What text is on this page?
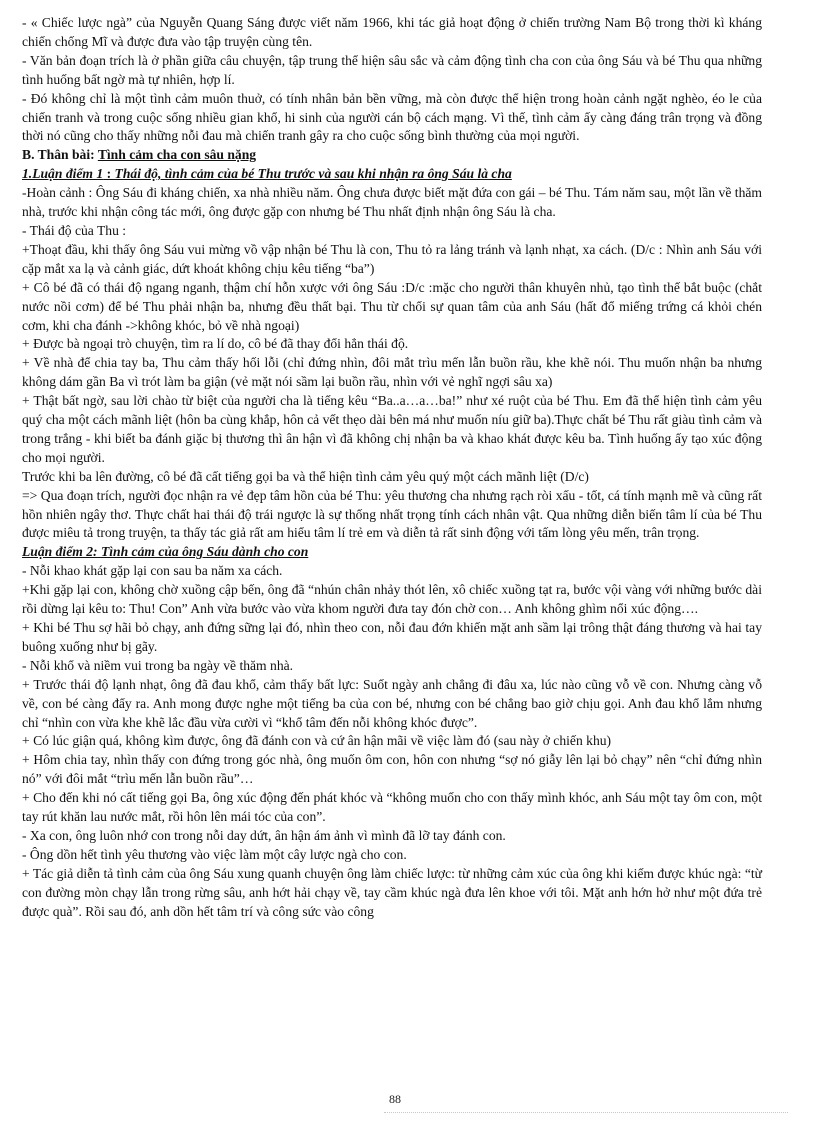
- « Chiếc lược ngà” của Nguyễn Quang Sáng được viết năm 1966, khi tác giả hoạt động ở chiến trường Nam Bộ trong thời kì kháng chiến chống Mĩ và được đưa vào tập truyện cùng tên.

- Văn bản đoạn trích là ở phần giữa câu chuyện, tập trung thể hiện sâu sắc và cảm động tình cha con của ông Sáu và bé Thu qua những tình huống bất ngờ mà tự nhiên, hợp lí.

- Đó không chỉ là một tình cảm muôn thuở, có tính nhân bản bền vững, mà còn được thể hiện trong hoàn cảnh ngặt nghèo, éo le của chiến tranh và trong cuộc sống nhiều gian khổ, hi sinh của người cán bộ cách mạng. Vì thế, tình cảm ấy càng đáng trân trọng và đồng thời nó cũng cho thấy những nỗi đau mà chiến tranh gây ra cho cuộc sống bình thường của mọi người.

B. Thân bài: Tình cảm cha con sâu nặng

1.Luận điểm 1 : Thái độ, tình cảm của bé Thu trước và sau khi nhận ra ông Sáu là cha

-Hoàn cảnh : Ông Sáu đi kháng chiến, xa nhà nhiều năm. Ông chưa được biết mặt đứa con gái – bé Thu. Tám năm sau, một lần về thăm nhà, trước khi nhận công tác mới, ông được gặp con nhưng bé Thu nhất định nhận ông Sáu là cha.

- Thái độ của Thu :

+Thoạt đầu, khi thấy ông Sáu vui mừng vồ vập nhận bé Thu là con, Thu tỏ ra lảng tránh và lạnh nhạt, xa cách. (D/c : Nhìn anh Sáu với cặp mắt xa lạ và cảnh giác, dứt khoát không chịu kêu tiếng “ba”)

+ Cô bé đã có thái độ ngang nganh, thậm chí hỗn xược với ông Sáu :D/c :mặc cho người thân khuyên nhủ, tạo tình thế bắt buộc (chắt nước nồi cơm) để bé Thu phải nhận ba, nhưng đều thất bại. Thu từ chối sự quan tâm của anh Sáu (hất đổ miếng trứng cá khỏi chén cơm, khi cha đánh ->không khóc, bỏ về nhà ngoại)

+ Được bà ngoại trò chuyện, tìm ra lí do, cô bé đã thay đổi hẳn thái độ.

+ Về nhà để chia tay ba, Thu cảm thấy hối lỗi (chỉ đứng nhìn, đôi mắt trìu mến lẫn buồn rầu, khe khẽ nói. Thu muốn nhận ba nhưng không dám gần Ba vì trót làm ba giận (vẻ mặt nói sầm lại buồn rầu, nhìn với vẻ nghĩ ngợi sâu xa)

+ Thật bất ngờ, sau lời chào từ biệt của người cha là tiếng kêu “Ba..a…a…ba!” như xé ruột của bé Thu. Em đã thể hiện tình cảm yêu quý cha một cách mãnh liệt (hôn ba cùng khắp, hôn cả vết thẹo dài bên má như muốn níu giữ ba).Thực chất bé Thu rất giàu tình cảm và trong trắng - khi biết ba đánh giặc bị thương thì ân hận vì đã không chị nhận ba và khao khát được kêu ba. Tình huống ấy tạo xúc động cho mọi người.

Trước khi ba lên đường, cô bé đã cất tiếng gọi ba và thể hiện tình cảm yêu quý một cách mãnh liệt (D/c)

=> Qua đoạn trích, người đọc nhận ra vẻ đẹp tâm hồn của bé Thu: yêu thương cha nhưng rạch ròi xấu - tốt, cá tính mạnh mẽ và cũng rất hồn nhiên ngây thơ. Thực chất hai thái độ trái ngược là sự thống nhất trọng tính cách nhân vật. Qua những diễn biến tâm lí của bé Thu được miêu tả trong truyện, ta thấy tác giả rất am hiểu tâm lí trẻ em và diễn tả rất sinh động với tấm lòng yêu mến, trân trọng.

Luận điểm 2: Tình cảm của ông Sáu dành cho con

- Nỗi khao khát gặp lại con sau ba năm xa cách.

+Khi gặp lại con, không chờ xuồng cập bến, ông đã “nhún chân nhảy thót lên, xô chiếc xuồng tạt ra, bước vội vàng với những bước dài rồi dừng lại kêu to: Thu! Con” Anh vừa bước vào vừa khom người đưa tay đón chờ con… Anh không ghìm nổi xúc động….

+ Khi bé Thu sợ hãi bỏ chạy, anh đứng sững lại đó, nhìn theo con, nỗi đau đớn khiến mặt anh sầm lại trông thật đáng thương và hai tay buông xuống như bị gãy.

- Nỗi khổ và niềm vui trong ba ngày về thăm nhà.

+ Trước thái độ lạnh nhạt, ông đã đau khổ, cảm thấy bất lực: Suốt ngày anh chẳng đi đâu xa, lúc nào cũng vỗ về con. Nhưng càng vỗ về, con bé càng đẩy ra. Anh mong được nghe một tiếng ba của con bé, nhưng con bé chẳng bao giờ chịu gọi. Anh đau khổ lắm nhưng chỉ “nhìn con vừa khe khẽ lắc đầu vừa cười vì “khổ tâm đến nỗi không khóc được”.

+ Có lúc giận quá, không kìm được, ông đã đánh con và cứ ân hận mãi về việc làm đó (sau này ở chiến khu)

+ Hôm chia tay, nhìn thấy con đứng trong góc nhà, ông muốn ôm con, hôn con nhưng “sợ nó giẫy lên lại bỏ chạy” nên “chỉ đứng nhìn nó” với đôi mắt “trìu mến lẫn buồn rầu”…

+ Cho đến khi nó cất tiếng gọi Ba, ông xúc động đến phát khóc và “không muốn cho con thấy mình khóc, anh Sáu một tay ôm con, một tay rút khăn lau nước mắt, rồi hôn lên mái tóc của con”.

- Xa con, ông luôn nhớ con trong nỗi day dứt, ân hận ám ảnh vì mình đã lỡ tay đánh con.

- Ông dồn hết tình yêu thương vào việc làm một cây lược ngà cho con.

+ Tác giả diễn tả tình cảm của ông Sáu xung quanh chuyện ông làm chiếc lược: từ những cảm xúc của ông khi kiếm được khúc ngà: “từ con đường mòn chạy lẫn trong rừng sâu, anh hớt hải chạy về, tay cầm khúc ngà đưa lên khoe với tôi. Mặt anh hớn hở như một đứa trẻ được quà”. Rồi sau đó, anh dồn hết tâm trí và công sức vào công

88
